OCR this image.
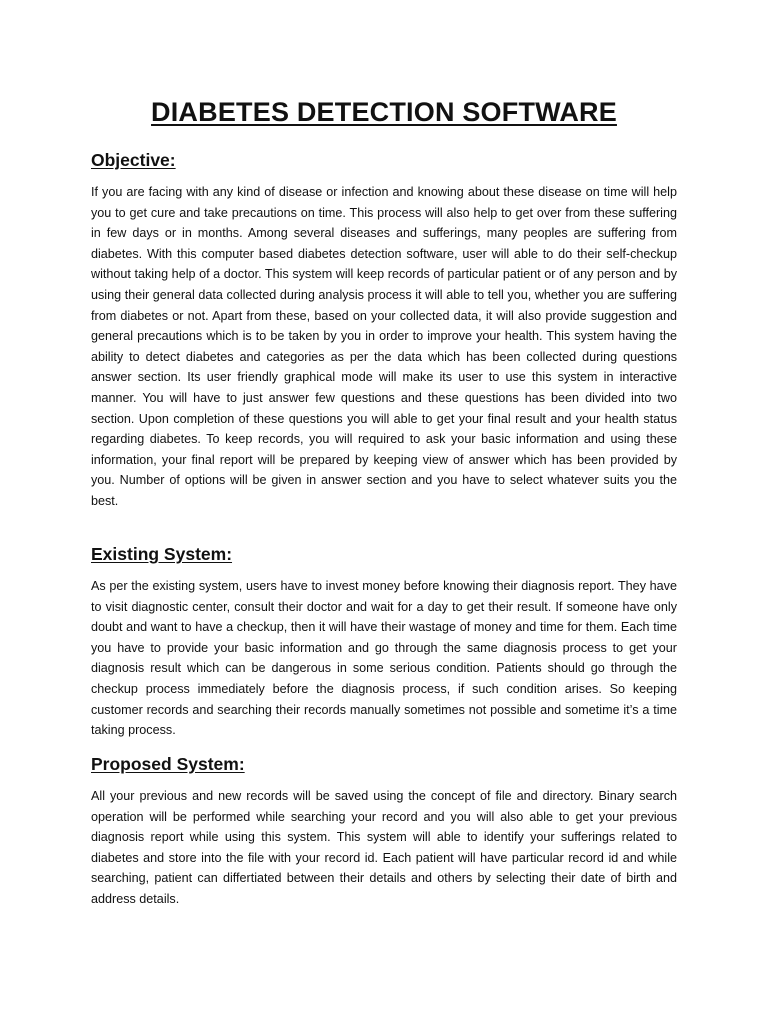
DIABETES DETECTION SOFTWARE
Objective:

If you are facing with any kind of disease or infection and knowing about these disease on time will help you to get cure and take precautions on time. This process will also help to get over from these suffering in few days or in months. Among several diseases and sufferings, many peoples are suffering from diabetes. With this computer based diabetes detection software, user will able to do their self-checkup without taking help of a doctor. This system will keep records of particular patient or of any person and by using their general data collected during analysis process it will able to tell you, whether you are suffering from diabetes or not. Apart from these, based on your collected data, it will also provide suggestion and general precautions which is to be taken by you in order to improve your health. This system having the ability to detect diabetes and categories as per the data which has been collected during questions answer section. Its user friendly graphical mode will make its user to use this system in interactive manner. You will have to just answer few questions and these questions has been divided into two section. Upon completion of these questions you will able to get your final result and your health status regarding diabetes. To keep records, you will required to ask your basic information and using these information, your final report will be prepared by keeping view of answer which has been provided by you. Number of options will be given in answer section and you have to select whatever suits you the best.

Existing System:

As per the existing system, users have to invest money before knowing their diagnosis report. They have to visit diagnostic center, consult their doctor and wait for a day to get their result. If someone have only doubt and want to have a checkup, then it will have their wastage of money and time for them. Each time you have to provide your basic information and go through the same diagnosis process to get your diagnosis result which can be dangerous in some serious condition. Patients should go through the checkup process immediately before the diagnosis process, if such condition arises. So keeping customer records and searching their records manually sometimes not possible and sometime it’s a time taking process.

Proposed System:

All your previous and new records will be saved using the concept of file and directory. Binary search operation will be performed while searching your record and you will also able to get your previous diagnosis report while using this system. This system will able to identify your sufferings related to diabetes and store into the file with your record id. Each patient will have particular record id and while searching, patient can differtiated between their details and others by selecting their date of birth and address details.
